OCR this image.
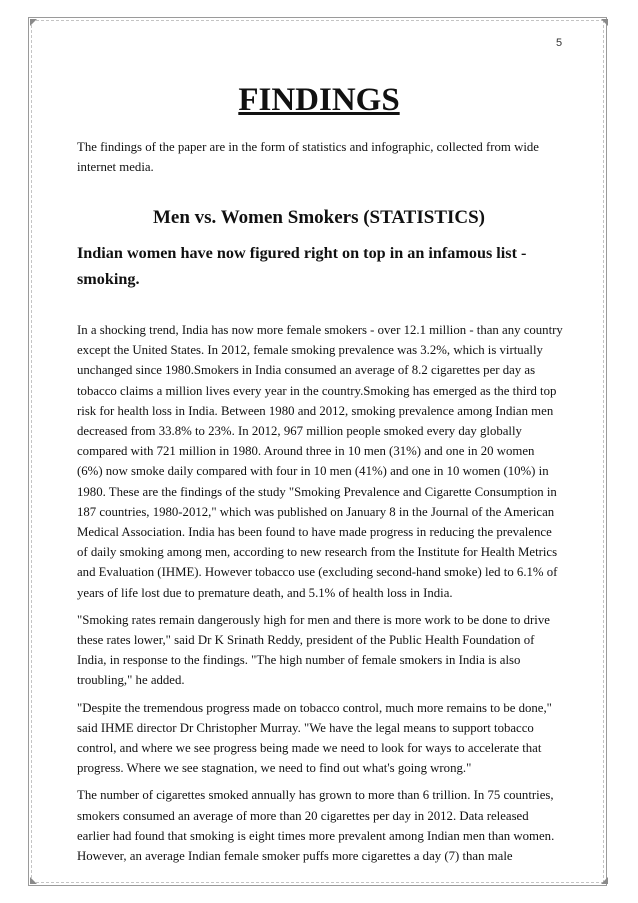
5
FINDINGS
The findings of the paper are in the form of statistics and infographic, collected from wide internet media.
Men vs. Women Smokers (STATISTICS)
Indian women have now figured right on top in an infamous list - smoking.

In a shocking trend, India has now more female smokers - over 12.1 million - than any country except the United States. In 2012, female smoking prevalence was 3.2%, which is virtually unchanged since 1980.Smokers in India consumed an average of 8.2 cigarettes per day as tobacco claims a million lives every year in the country.Smoking has emerged as the third top risk for health loss in India. Between 1980 and 2012, smoking prevalence among Indian men decreased from 33.8% to 23%. In 2012, 967 million people smoked every day globally compared with 721 million in 1980. Around three in 10 men (31%) and one in 20 women (6%) now smoke daily compared with four in 10 men (41%) and one in 10 women (10%) in 1980. These are the findings of the study "Smoking Prevalence and Cigarette Consumption in 187 countries, 1980-2012," which was published on January 8 in the Journal of the American Medical Association. India has been found to have made progress in reducing the prevalence of daily smoking among men, according to new research from the Institute for Health Metrics and Evaluation (IHME). However tobacco use (excluding second-hand smoke) led to 6.1% of years of life lost due to premature death, and 5.1% of health loss in India.

"Smoking rates remain dangerously high for men and there is more work to be done to drive these rates lower," said Dr K Srinath Reddy, president of the Public Health Foundation of India, in response to the findings. "The high number of female smokers in India is also troubling," he added.

"Despite the tremendous progress made on tobacco control, much more remains to be done," said IHME director Dr Christopher Murray. "We have the legal means to support tobacco control, and where we see progress being made we need to look for ways to accelerate that progress. Where we see stagnation, we need to find out what's going wrong."

The number of cigarettes smoked annually has grown to more than 6 trillion. In 75 countries, smokers consumed an average of more than 20 cigarettes per day in 2012. Data released earlier had found that smoking is eight times more prevalent among Indian men than women. However, an average Indian female smoker puffs more cigarettes a day (7) than male
